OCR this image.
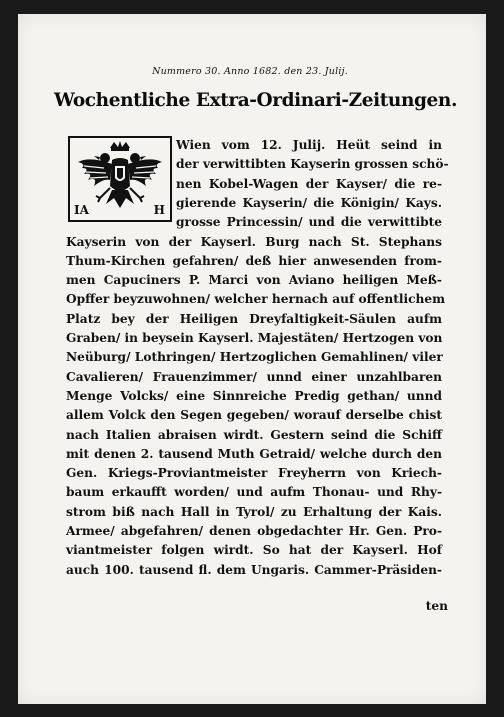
Nummero 30. Anno 1682. den 23. Julij.
Wochentliche Extra-Ordinari-Zeitungen.
IA	H
Wien vom 12. Julij. Heüt seind in
der verwittibten Kayserin grossen schö-
nen Kobel-Wagen der Kayser/ die re-
gierende Kayserin/ die Königin/ Kays.
grosse Princessin/ und die verwittibte
Kayserin von der Kayserl. Burg nach St. Stephans
Thum-Kirchen gefahren/ deß hier anwesenden from-
men Capuciners P. Marci von Aviano heiligen Meß-
Opffer beyzuwohnen/ welcher hernach auf offentlichem
Platz bey der Heiligen Dreyfaltigkeit-Säulen aufm
Graben/ in beysein Kayserl. Majestäten/ Hertzogen von
Neüburg/ Lothringen/ Hertzoglichen Gemahlinen/ viler
Cavalieren/ Frauenzimmer/ unnd einer unzahlbaren
Menge Volcks/ eine Sinnreiche Predig gethan/ unnd
allem Volck den Segen gegeben/ worauf derselbe chist
nach Italien abraisen wirdt. Gestern seind die Schiff
mit denen 2. tausend Muth Getraid/ welche durch den
Gen. Kriegs-Proviantmeister Freyherrn von Kriech-
baum erkaufft worden/ und aufm Thonau- und Rhy-
strom biß nach Hall in Tyrol/ zu Erhaltung der Kais.
Armee/ abgefahren/ denen obgedachter Hr. Gen. Pro-
viantmeister folgen wirdt. So hat der Kayserl. Hof
auch 100. tausend fl. dem Ungaris. Cammer-Präsiden-
ten
